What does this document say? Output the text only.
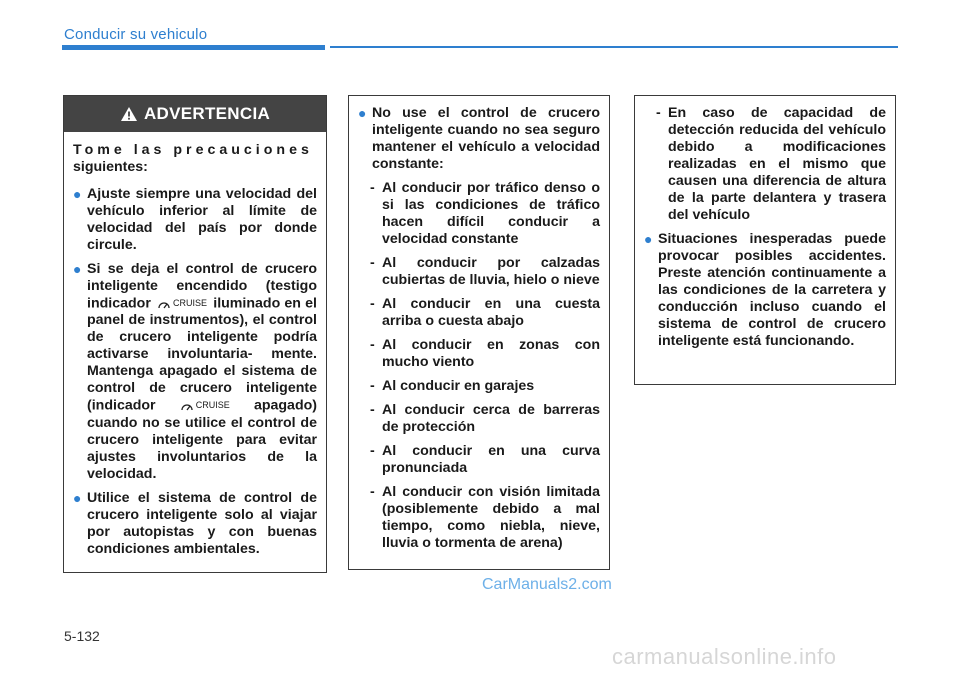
Conducir su vehiculo
ADVERTENCIA
Tome las precauciones
siguientes:
● Ajuste siempre una velocidad del vehículo inferior al límite de velocidad del país por donde circule.
● Si se deja el control de crucero inteligente encendido (testigo indicador CRUISE iluminado en el panel de instrumentos), el control de crucero inteligente podría activarse involuntaria- mente. Mantenga apagado el sistema de control de crucero inteligente (indicador	CRUISE apagado) cuando no se utilice el control de crucero inteligente para evitar ajustes involuntarios de la velocidad.
● Utilice el sistema de control de crucero inteligente solo al viajar por autopistas y con buenas condiciones ambientales.
● No use el control de crucero inteligente cuando no sea seguro mantener el vehículo a velocidad constante:
- Al conducir por tráfico denso o si las condiciones de tráfico hacen difícil conducir a velocidad constante
- Al conducir por calzadas cubiertas de lluvia, hielo o nieve
- Al conducir en una cuesta arriba o cuesta abajo
- Al conducir en zonas con mucho viento
- Al conducir en garajes
- Al conducir cerca de barreras de protección
- Al conducir en una curva pronunciada
- Al conducir con visión limitada (posiblemente debido a mal tiempo, como niebla, nieve, lluvia o tormenta de arena)
- En caso de capacidad de detección reducida del vehículo debido a modificaciones realizadas en el mismo que causen una diferencia de altura de la parte delantera y trasera del vehículo
● Situaciones inesperadas puede provocar posibles accidentes. Preste atención continuamente a las condiciones de la carretera y conducción incluso cuando el sistema de control de crucero inteligente está funcionando.
CarManuals2.com
5-132
carmanualsonline.info
